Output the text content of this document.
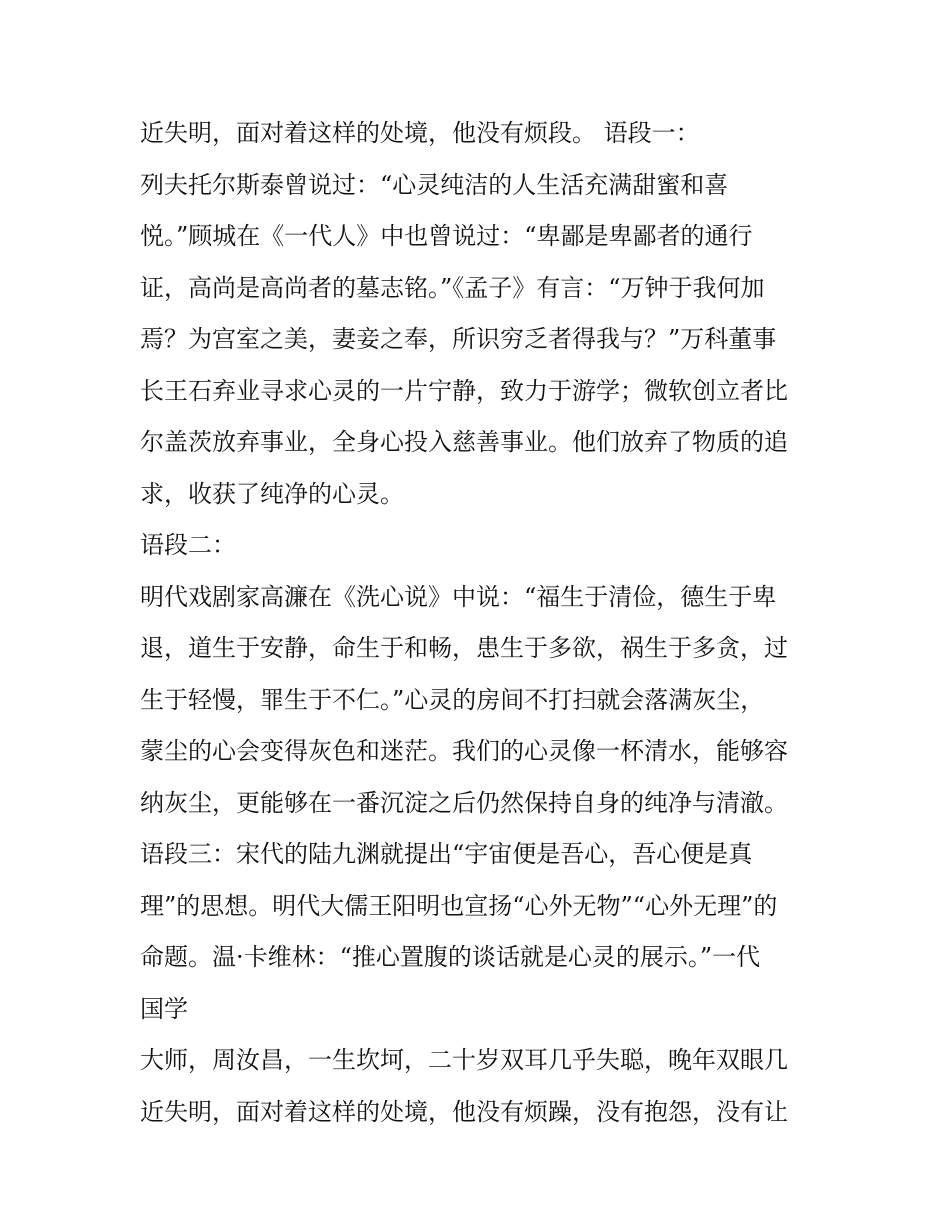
近失明，面对着这样的处境，他没有烦段。 语段一：
列夫托尔斯泰曾说过：“心灵纯洁的人生活充满甜蜜和喜
悦。”顾城在《一代人》中也曾说过：“卑鄙是卑鄙者的通行
证，高尚是高尚者的墓志铭。”《孟子》有言：“万钟于我何加
焉？为宫室之美，妻妾之奉，所识穷乏者得我与？”万科董事
长王石弃业寻求心灵的一片宁静，致力于游学；微软创立者比
尔盖茨放弃事业，全身心投入慈善事业。他们放弃了物质的追
求，收获了纯净的心灵。
语段二：
明代戏剧家高濂在《洗心说》中说：“福生于清俭，德生于卑
退，道生于安静，命生于和畅，患生于多欲，祸生于多贪，过
生于轻慢，罪生于不仁。”心灵的房间不打扫就会落满灰尘，
蒙尘的心会变得灰色和迷茫。我们的心灵像一杯清水，能够容
纳灰尘，更能够在一番沉淀之后仍然保持自身的纯净与清澈。
语段三：宋代的陆九渊就提出“宇宙便是吾心，吾心便是真
理”的思想。明代大儒王阳明也宣扬“心外无物”“心外无理”的
命题。温·卡维林：“推心置腹的谈话就是心灵的展示。”一代
国学
大师，周汝昌，一生坎坷，二十岁双耳几乎失聪，晚年双眼几
近失明，面对着这样的处境，他没有烦躁，没有抱怨，没有让
